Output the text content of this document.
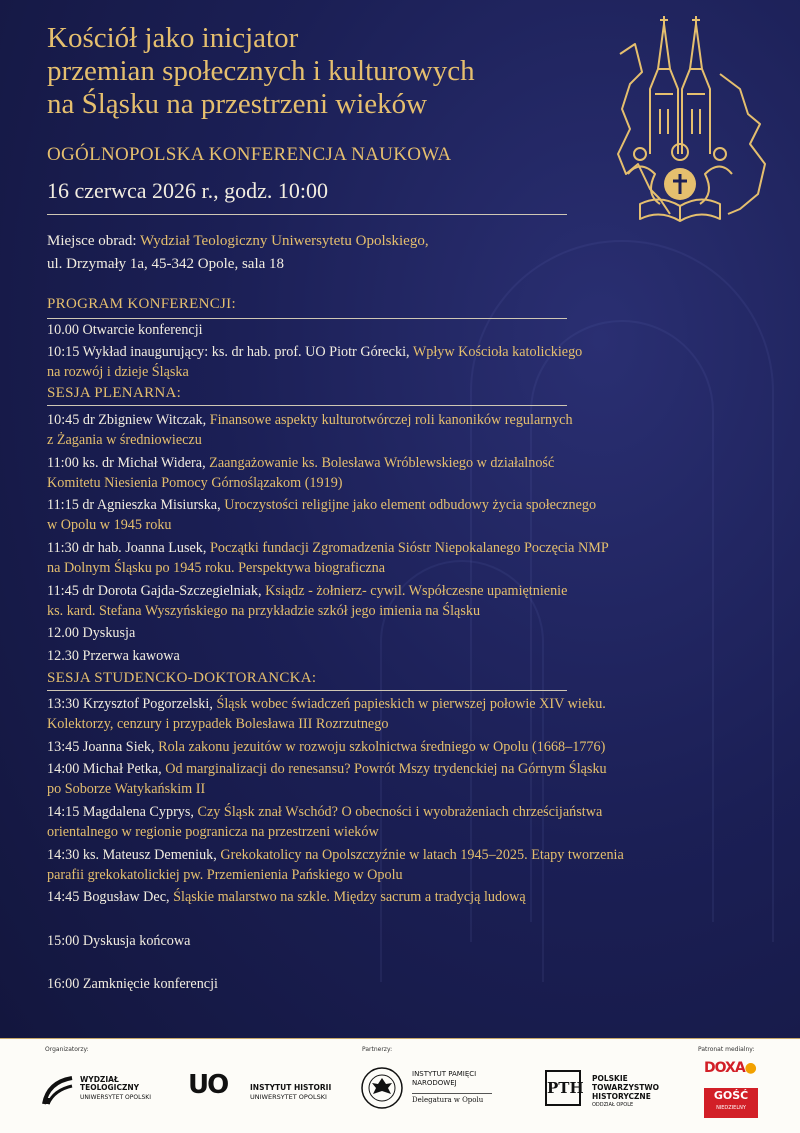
Kościół jako inicjator
przemian społecznych i kulturowych
na Śląsku na przestrzeni wieków
OGÓLNOPOLSKA KONFERENCJA NAUKOWA
16 czerwca 2026 r., godz. 10:00
Miejsce obrad: Wydział Teologiczny Uniwersytetu Opolskiego,
ul. Drzymały 1a, 45-342 Opole, sala 18
PROGRAM KONFERENCJI:
10.00 Otwarcie konferencji
10:15 Wykład inaugurujący: ks. dr hab. prof. UO Piotr Górecki, Wpływ Kościoła katolickiego
na rozwój i dzieje Śląska
SESJA PLENARNA:
10:45 dr Zbigniew Witczak, Finansowe aspekty kulturotwórczej roli kanoników regularnych
z Żagania w średniowieczu
11:00 ks. dr Michał Widera, Zaangażowanie ks. Bolesława Wróblewskiego w działalność
Komitetu Niesienia Pomocy Górnoślązakom (1919)
11:15 dr Agnieszka Misiurska, Uroczystości religijne jako element odbudowy życia społecznego
w Opolu w 1945 roku
11:30 dr hab. Joanna Lusek, Początki fundacji Zgromadzenia Sióstr Niepokalanego Poczęcia NMP
na Dolnym Śląsku po 1945 roku. Perspektywa biograficzna
11:45 dr Dorota Gajda-Szczegielniak, Ksiądz - żołnierz- cywil. Współczesne upamiętnienie
ks. kard. Stefana Wyszyńskiego na przykładzie szkół jego imienia na Śląsku
12.00 Dyskusja
12.30 Przerwa kawowa
SESJA STUDENCKO-DOKTORANCKA:
13:30 Krzysztof Pogorzelski, Śląsk wobec świadczeń papieskich w pierwszej połowie XIV wieku.
Kolektorzy, cenzury i przypadek Bolesława III Rozrzutnego
13:45 Joanna Siek, Rola zakonu jezuitów w rozwoju szkolnictwa średniego w Opolu (1668–1776)
14:00 Michał Petka, Od marginalizacji do renesansu? Powrót Mszy trydenckiej na Górnym Śląsku
po Soborze Watykańskim II
14:15 Magdalena Cyprys, Czy Śląsk znał Wschód? O obecności i wyobrażeniach chrześcijaństwa
orientalnego w regionie pogranicza na przestrzeni wieków
14:30 ks. Mateusz Demeniuk, Grekokatolicy na Opolszczyźnie w latach 1945–2025. Etapy tworzenia
parafii grekokatolickiej pw. Przemienienia Pańskiego w Opolu
14:45 Bogusław Dec, Śląskie malarstwo na szkle. Między sacrum a tradycją ludową
15:00 Dyskusja końcowa
16:00 Zamknięcie konferencji
Organizatorzy:	Partnerzy:	Patronat medialny:
WYDZIAŁ
TEOLOGICZNY
UNIWERSYTET OPOLSKI UO	INSTYTUT HISTORII
UNIWERSYTET OPOLSKI
INSTYTUT PAMIĘCI
NARODOWEJ
Delegatura w Opolu
PTH
POLSKIE
TOWARZYSTWO
HISTORYCZNE
ODDZIAŁ OPOLE
DOXA●
GOŚĆ
NIEDZIELNY
